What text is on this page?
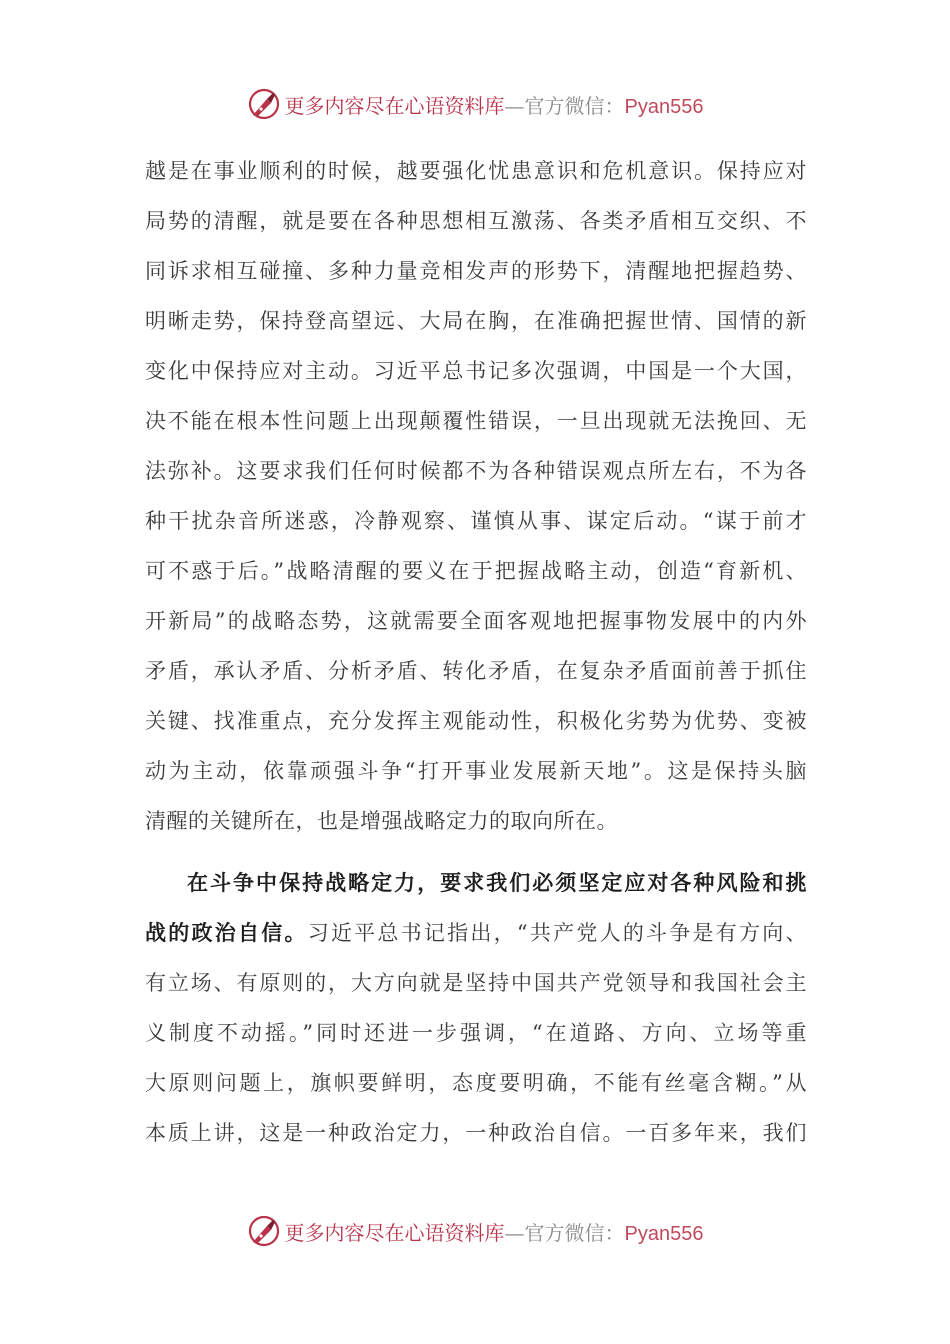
更多内容尽在心语资料库—官方微信：Pyan556
越是在事业顺利的时候，越要强化忧患意识和危机意识。保持应对
局势的清醒，就是要在各种思想相互激荡、各类矛盾相互交织、不
同诉求相互碰撞、多种力量竞相发声的形势下，清醒地把握趋势、
明晰走势，保持登高望远、大局在胸，在准确把握世情、国情的新
变化中保持应对主动。习近平总书记多次强调，中国是一个大国，
决不能在根本性问题上出现颠覆性错误，一旦出现就无法挽回、无
法弥补。这要求我们任何时候都不为各种错误观点所左右，不为各
种干扰杂音所迷惑，冷静观察、谨慎从事、谋定后动。“谋于前才
可不惑于后。”战略清醒的要义在于把握战略主动，创造“育新机、
开新局”的战略态势，这就需要全面客观地把握事物发展中的内外
矛盾，承认矛盾、分析矛盾、转化矛盾，在复杂矛盾面前善于抓住
关键、找准重点，充分发挥主观能动性，积极化劣势为优势、变被
动为主动，依靠顽强斗争“打开事业发展新天地”。这是保持头脑
清醒的关键所在，也是增强战略定力的取向所在。
在斗争中保持战略定力，要求我们必须坚定应对各种风险和挑
战的政治自信。习近平总书记指出，“共产党人的斗争是有方向、
有立场、有原则的，大方向就是坚持中国共产党领导和我国社会主
义制度不动摇。”同时还进一步强调，“在道路、方向、立场等重
大原则问题上，旗帜要鲜明，态度要明确，不能有丝毫含糊。”从
本质上讲，这是一种政治定力，一种政治自信。一百多年来，我们
更多内容尽在心语资料库—官方微信：Pyan556
